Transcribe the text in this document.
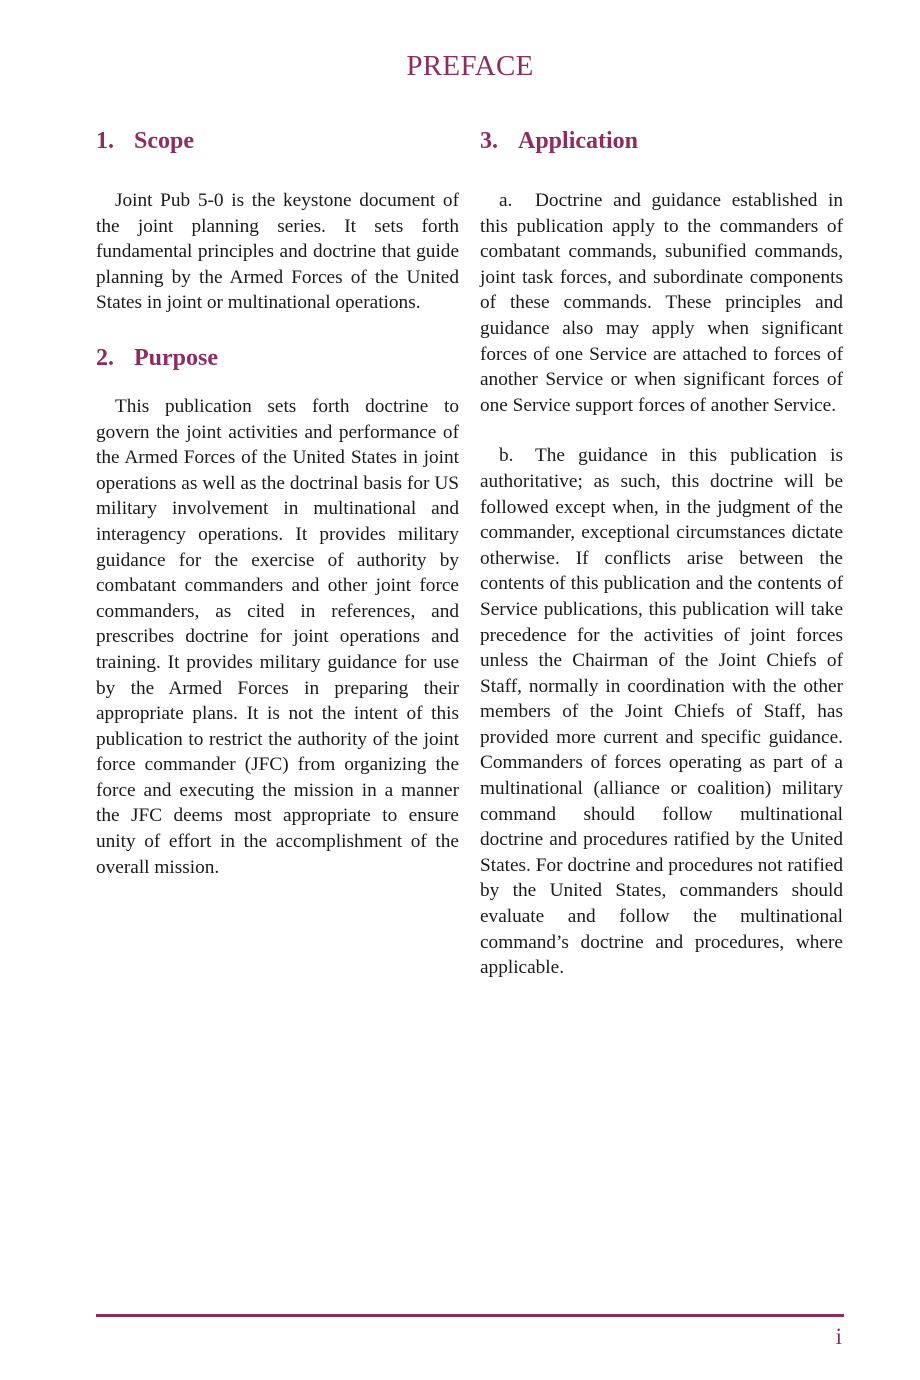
PREFACE
1. Scope

Joint Pub 5-0 is the keystone document of the joint planning series. It sets forth fundamental principles and doctrine that guide planning by the Armed Forces of the United States in joint or multinational operations.

2. Purpose

This publication sets forth doctrine to govern the joint activities and performance of the Armed Forces of the United States in joint operations as well as the doctrinal basis for US military involvement in multinational and interagency operations. It provides military guidance for the exercise of authority by combatant commanders and other joint force commanders, as cited in references, and prescribes doctrine for joint operations and training. It provides military guidance for use by the Armed Forces in preparing their appropriate plans. It is not the intent of this publication to restrict the authority of the joint force commander (JFC) from organizing the force and executing the mission in a manner the JFC deems most appropriate to ensure unity of effort in the accomplishment of the overall mission.

3. Application

a. Doctrine and guidance established in this publication apply to the commanders of combatant commands, subunified commands, joint task forces, and subordinate components of these commands. These principles and guidance also may apply when significant forces of one Service are attached to forces of another Service or when significant forces of one Service support forces of another Service.

b. The guidance in this publication is authoritative; as such, this doctrine will be followed except when, in the judgment of the commander, exceptional circumstances dictate otherwise. If conflicts arise between the contents of this publication and the contents of Service publications, this publication will take precedence for the activities of joint forces unless the Chairman of the Joint Chiefs of Staff, normally in coordination with the other members of the Joint Chiefs of Staff, has provided more current and specific guidance. Commanders of forces operating as part of a multinational (alliance or coalition) military command should follow multinational doctrine and procedures ratified by the United States. For doctrine and procedures not ratified by the United States, commanders should evaluate and follow the multinational command’s doctrine and procedures, where applicable.

i
